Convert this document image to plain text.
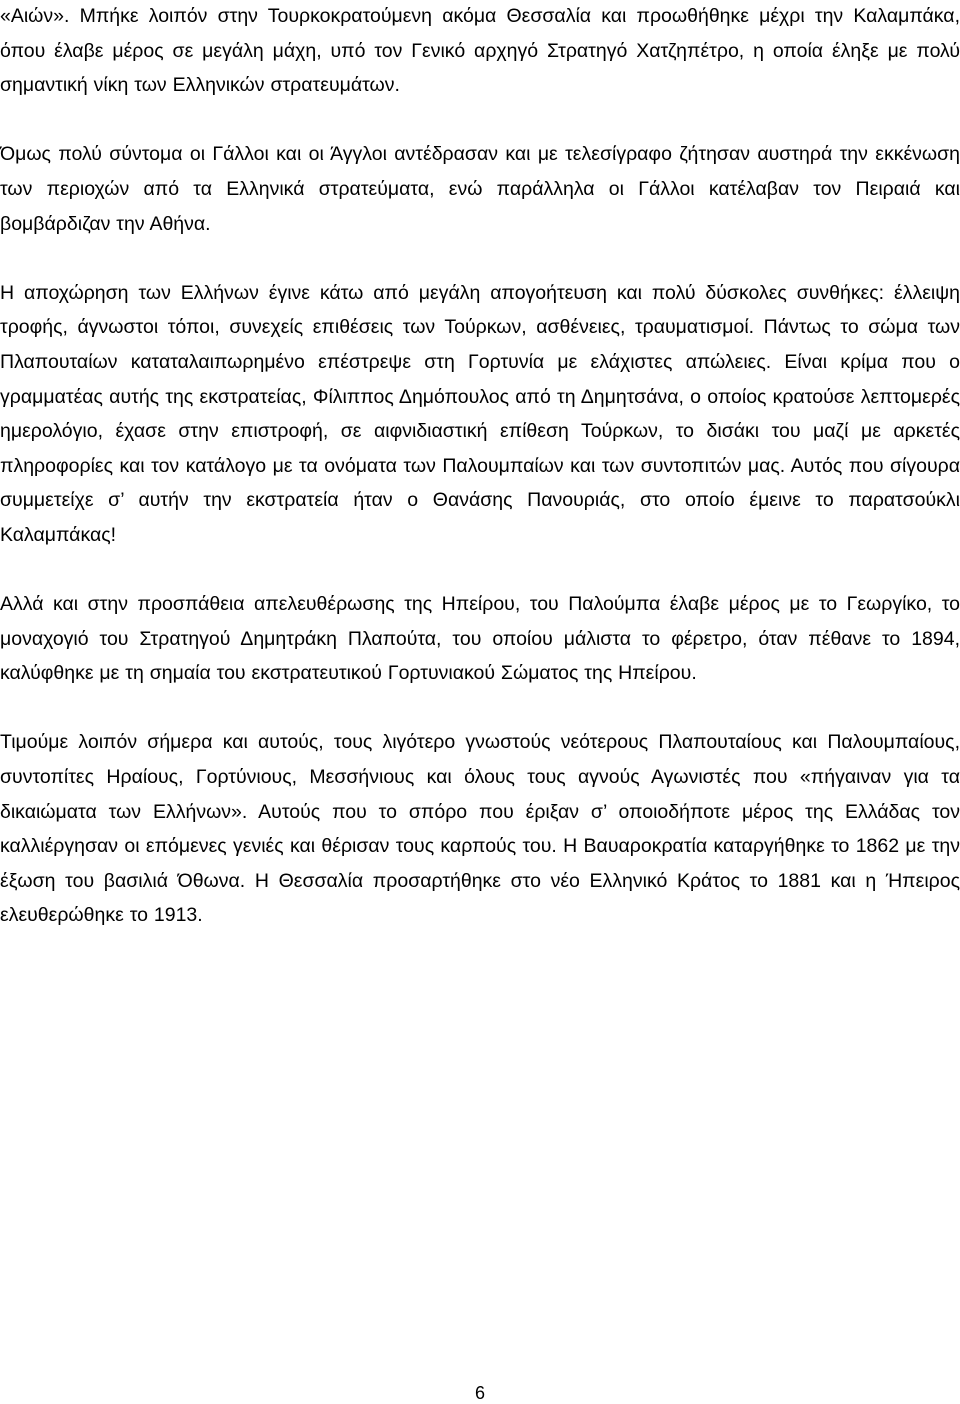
«Αιών». Μπήκε λοιπόν στην Τουρκοκρατούμενη ακόμα Θεσσαλία και προωθήθηκε μέχρι την Καλαμπάκα, όπου έλαβε μέρος σε μεγάλη μάχη, υπό τον Γενικό αρχηγό Στρατηγό Χατζηπέτρο, η οποία έληξε με πολύ σημαντική νίκη των Ελληνικών στρατευμάτων.

Όμως πολύ σύντομα οι Γάλλοι και οι Άγγλοι αντέδρασαν και με τελεσίγραφο ζήτησαν αυστηρά την εκκένωση των περιοχών από τα Ελληνικά στρατεύματα, ενώ παράλληλα οι Γάλλοι κατέλαβαν τον Πειραιά και βομβάρδιζαν την Αθήνα.

Η αποχώρηση των Ελλήνων έγινε κάτω από μεγάλη απογοήτευση και πολύ δύσκολες συνθήκες: έλλειψη τροφής, άγνωστοι τόποι, συνεχείς επιθέσεις των Τούρκων, ασθένειες, τραυματισμοί. Πάντως το σώμα των Πλαπουταίων καταταλαιπωρημένο επέστρεψε στη Γορτυνία με ελάχιστες απώλειες. Είναι κρίμα που ο γραμματέας αυτής της εκστρατείας, Φίλιππος Δημόπουλος από τη Δημητσάνα, ο οποίος κρατούσε λεπτομερές ημερολόγιο, έχασε στην επιστροφή, σε αιφνιδιαστική επίθεση Τούρκων, το δισάκι του μαζί με αρκετές πληροφορίες και τον κατάλογο με τα ονόματα των Παλουμπαίων και των συντοπιτών μας. Αυτός που σίγουρα συμμετείχε σ’ αυτήν την εκστρατεία ήταν ο Θανάσης Πανουριάς, στο οποίο έμεινε το παρατσούκλι Καλαμπάκας!

Αλλά και στην προσπάθεια απελευθέρωσης της Ηπείρου, του Παλούμπα έλαβε μέρος με το Γεωργίκο, το μοναχογιό του Στρατηγού Δημητράκη Πλαπούτα, του οποίου μάλιστα το φέρετρο, όταν πέθανε το 1894, καλύφθηκε με τη σημαία του εκστρατευτικού Γορτυνιακού Σώματος της Ηπείρου.

Τιμούμε λοιπόν σήμερα και αυτούς, τους λιγότερο γνωστούς νεότερους Πλαπουταίους και Παλουμπαίους, συντοπίτες Ηραίους, Γορτύνιους, Μεσσήνιους και όλους τους αγνούς Αγωνιστές που «πήγαιναν για τα δικαιώματα των Ελλήνων». Αυτούς που το σπόρο που έριξαν σ’ οποιοδήποτε μέρος της Ελλάδας τον καλλιέργησαν οι επόμενες γενιές και θέρισαν τους καρπούς του. Η Βαυαροκρατία καταργήθηκε το 1862 με την έξωση του βασιλιά Όθωνα. Η Θεσσαλία προσαρτήθηκε στο νέο Ελληνικό Κράτος το 1881 και η Ήπειρος ελευθερώθηκε το 1913.

6
